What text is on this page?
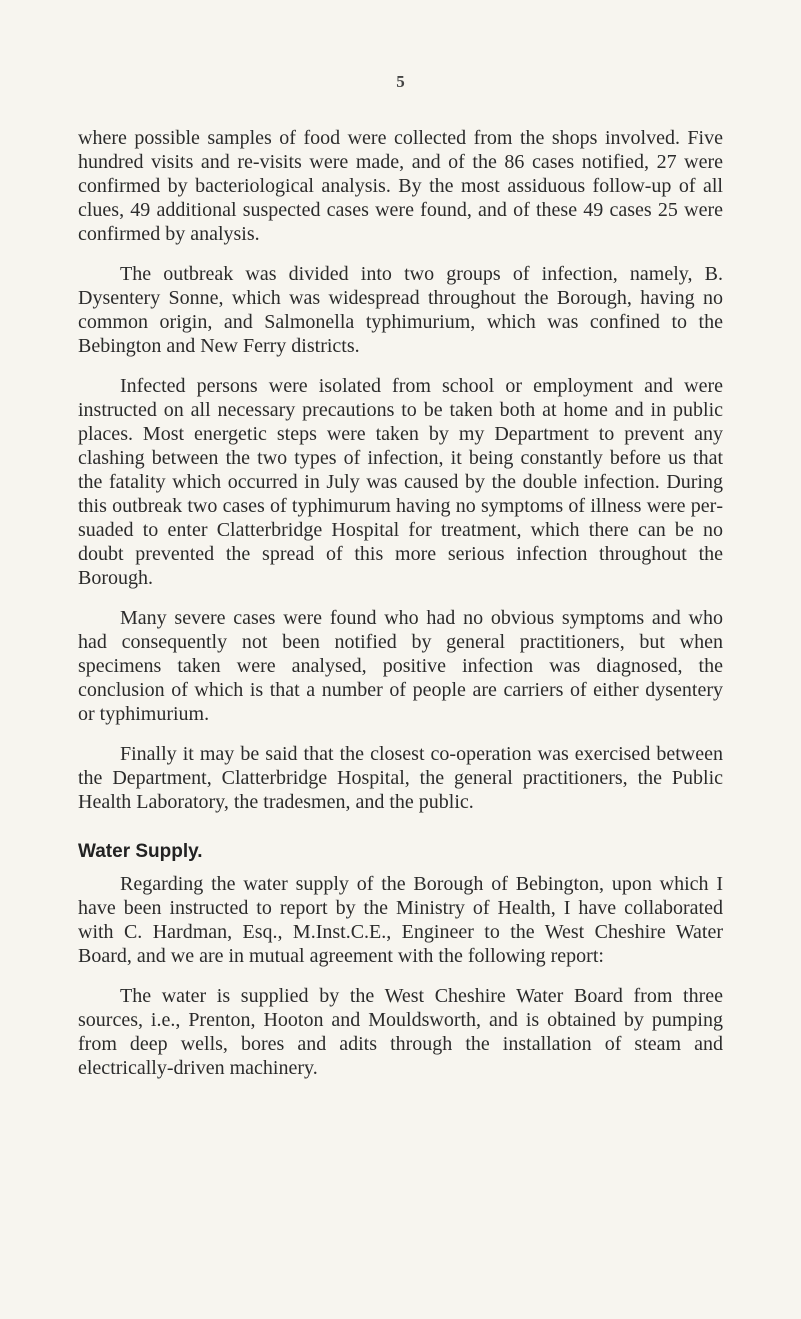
5

where possible samples of food were collected from the shops involved. Five hundred visits and re-visits were made, and of the 86 cases notified, 27 were confirmed by bacteriological analysis. By the most assiduous follow-up of all clues, 49 additional suspected cases were found, and of these 49 cases 25 were confirmed by analysis.

The outbreak was divided into two groups of infection, namely, B. Dysentery Sonne, which was widespread throughout the Borough, having no common origin, and Salmonella typhimurium, which was confined to the Bebington and New Ferry districts.

Infected persons were isolated from school or employment and were instructed on all necessary precautions to be taken both at home and in public places. Most energetic steps were taken by my Department to prevent any clashing between the two types of infection, it being constantly before us that the fatality which occurred in July was caused by the double infection. During this outbreak two cases of typhimurum having no symptoms of illness were persuaded to enter Clatterbridge Hospital for treatment, which there can be no doubt prevented the spread of this more serious infection throughout the Borough.

Many severe cases were found who had no obvious symptoms and who had consequently not been notified by general practitioners, but when specimens taken were analysed, positive infection was diagnosed, the conclusion of which is that a number of people are carriers of either dysentery or typhimurium.

Finally it may be said that the closest co-operation was exercised between the Department, Clatterbridge Hospital, the general practitioners, the Public Health Laboratory, the tradesmen, and the public.

Water Supply.

Regarding the water supply of the Borough of Bebington, upon which I have been instructed to report by the Ministry of Health, I have collaborated with C. Hardman, Esq., M.Inst.C.E., Engineer to the West Cheshire Water Board, and we are in mutual agreement with the following report:

The water is supplied by the West Cheshire Water Board from three sources, i.e., Prenton, Hooton and Mouldsworth, and is obtained by pumping from deep wells, bores and adits through the installation of steam and electrically-driven machinery.
